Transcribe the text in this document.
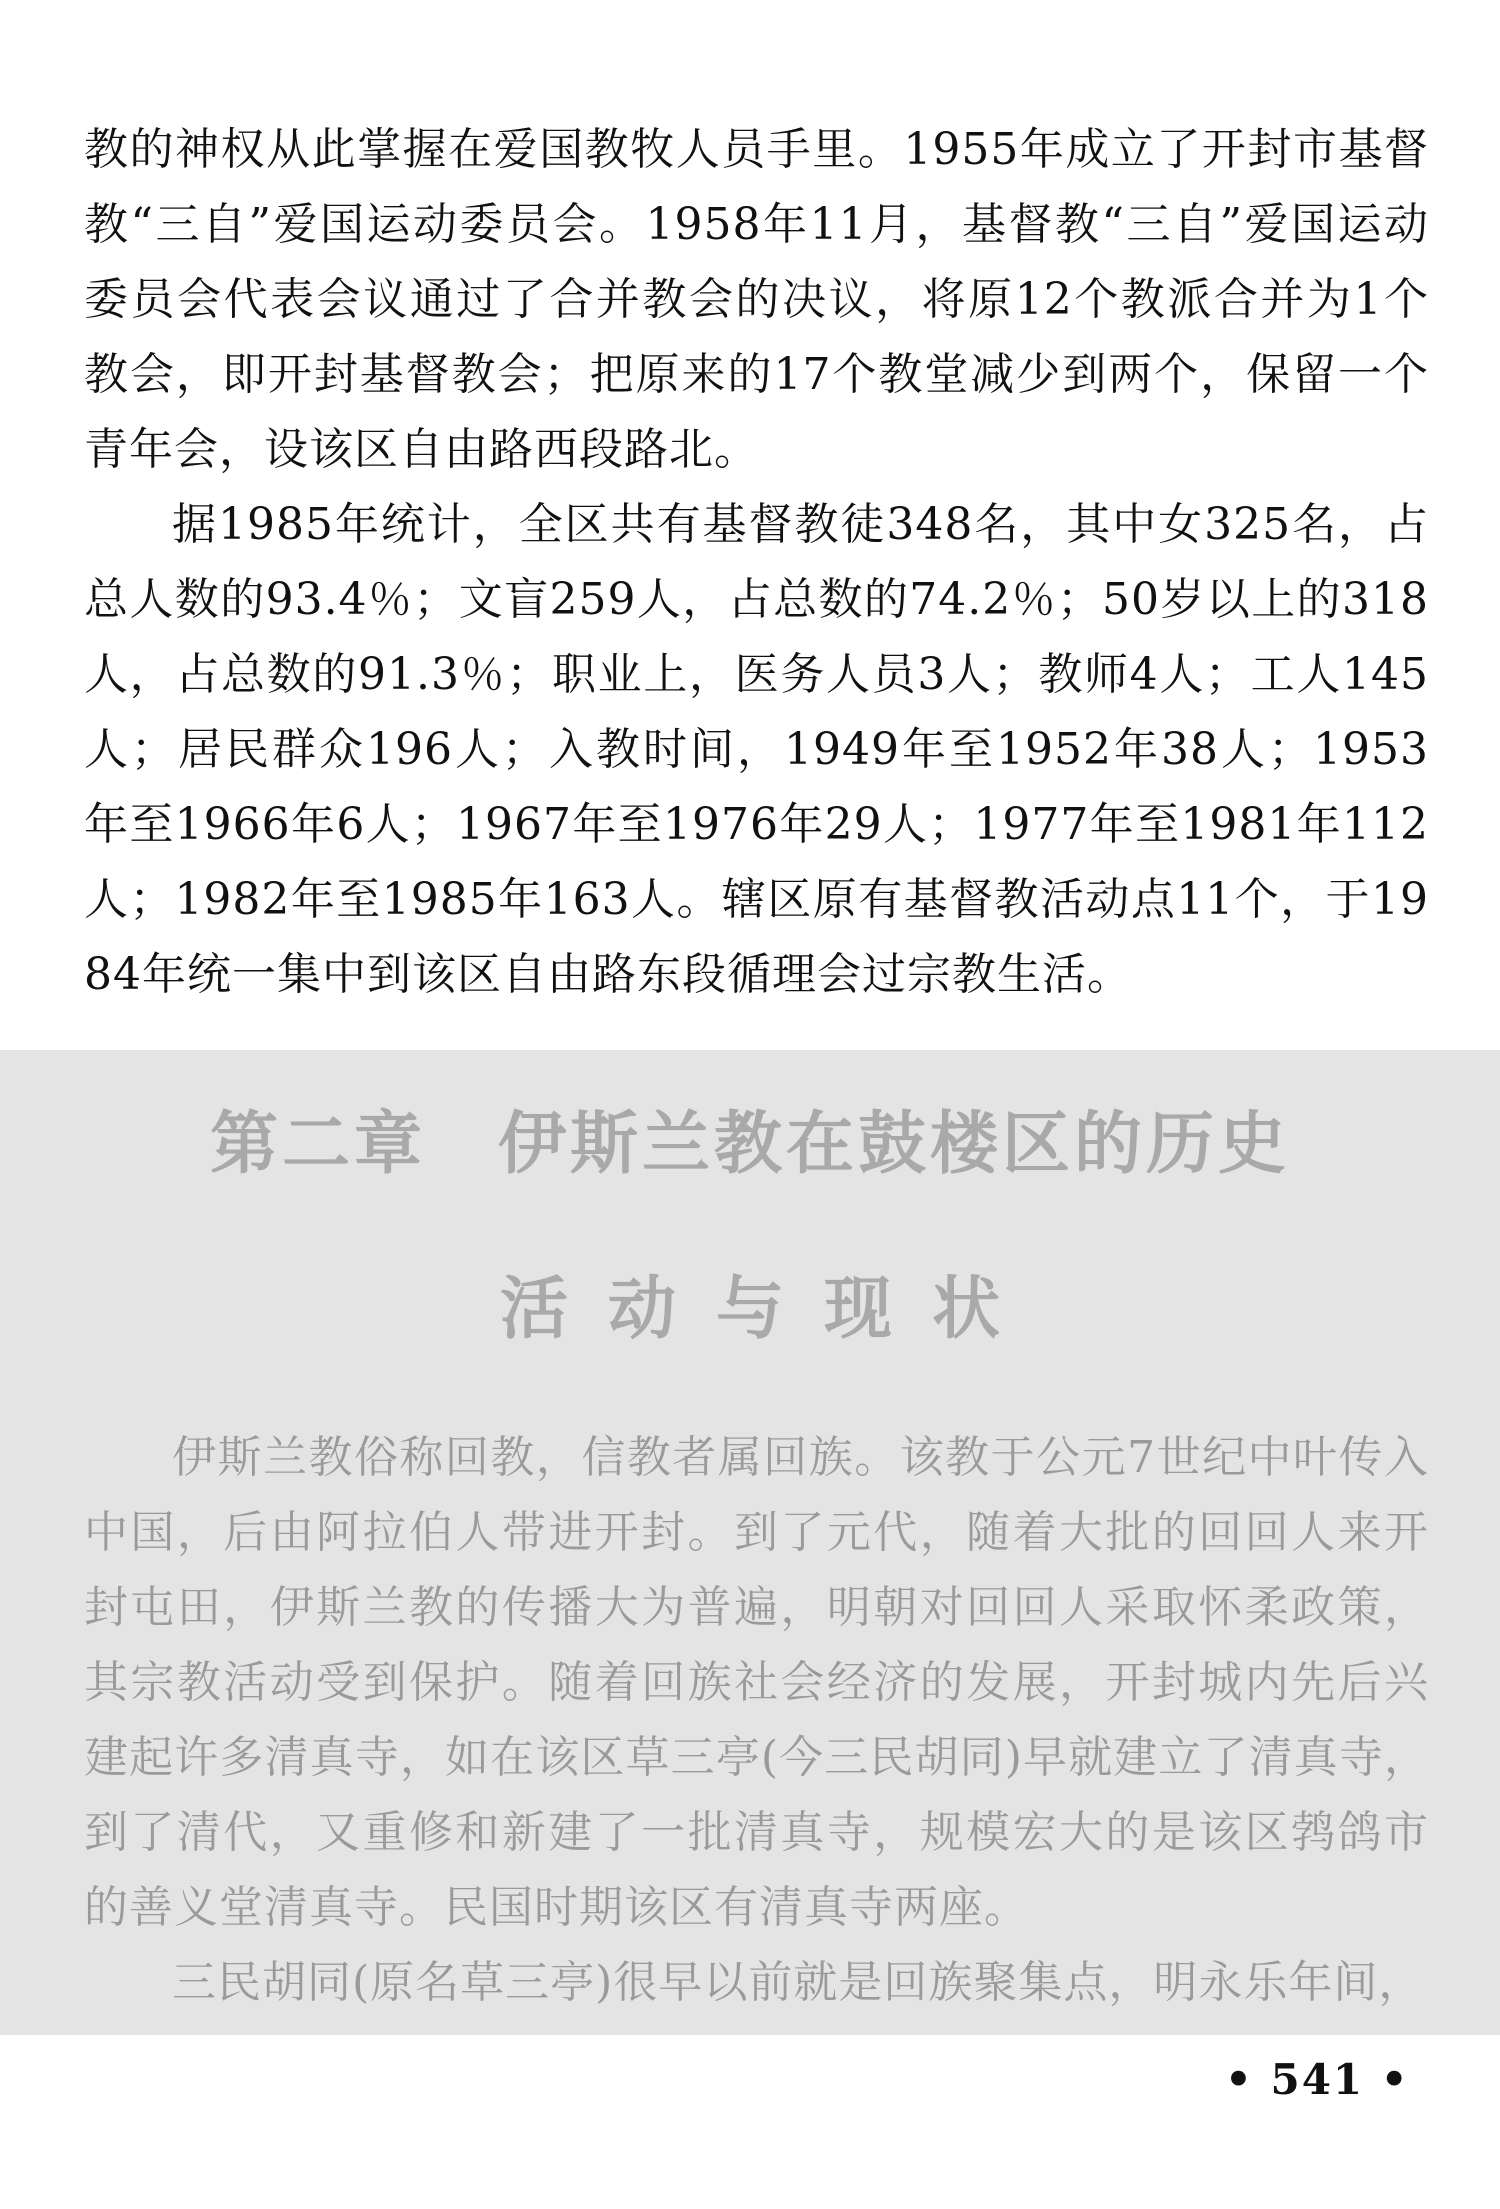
教的神权从此掌握在爱国教牧人员手里。1955年成立了开封市基督教“三自”爱国运动委员会。1958年11月，基督教“三自”爱国运动委员会代表会议通过了合并教会的决议，将原12个教派合并为1个教会，即开封基督教会；把原来的17个教堂减少到两个，保留一个青年会，设该区自由路西段路北。

据1985年统计，全区共有基督教徒348名，其中女325名，占总人数的93.4％；文盲259人，占总数的74.2％；50岁以上的318人，占总数的91.3％；职业上，医务人员3人；教师4人；工人145人；居民群众196人；入教时间，1949年至1952年38人；1953年至1966年6人；1967年至1976年29人；1977年至1981年112人；1982年至1985年163人。辖区原有基督教活动点11个，于1984年统一集中到该区自由路东段循理会过宗教生活。

第二章　伊斯兰教在鼓楼区的历史
活动与现状

伊斯兰教俗称回教，信教者属回族。该教于公元7世纪中叶传入中国，后由阿拉伯人带进开封。到了元代，随着大批的回回人来开封屯田，伊斯兰教的传播大为普遍，明朝对回回人采取怀柔政策，其宗教活动受到保护。随着回族社会经济的发展，开封城内先后兴建起许多清真寺，如在该区草三亭(今三民胡同)早就建立了清真寺，到了清代，又重修和新建了一批清真寺，规模宏大的是该区鹁鸽市的善义堂清真寺。民国时期该区有清真寺两座。

三民胡同(原名草三亭)很早以前就是回族聚集点，明永乐年间，

• 541 •
